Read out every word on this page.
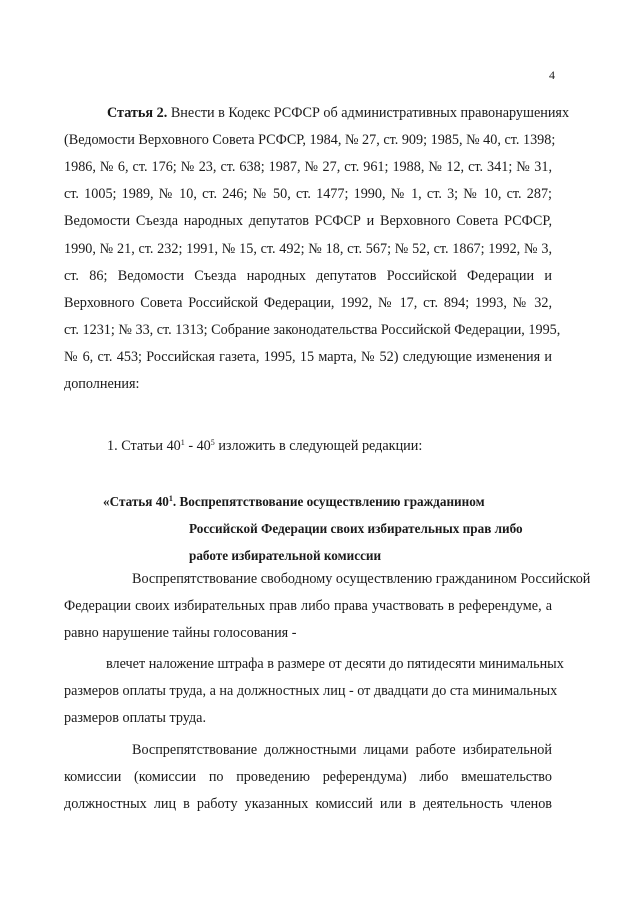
4
Статья 2. Внести в Кодекс РСФСР об административных правонарушениях
(Ведомости Верховного Совета РСФСР, 1984, № 27, ст. 909; 1985, № 40, ст. 1398;
1986, № 6, ст. 176; № 23, ст. 638; 1987, № 27, ст. 961; 1988, № 12, ст. 341; № 31,
ст. 1005; 1989, № 10, ст. 246; № 50, ст. 1477; 1990, № 1, ст. 3; № 10, ст. 287;
Ведомости Съезда народных депутатов РСФСР и Верховного Совета РСФСР,
1990, № 21, ст. 232; 1991, № 15, ст. 492; № 18, ст. 567; № 52, ст. 1867; 1992, № 3,
ст. 86; Ведомости Съезда народных депутатов Российской Федерации и
Верховного Совета Российской Федерации, 1992, № 17, ст. 894; 1993, № 32,
ст. 1231; № 33, ст. 1313; Собрание законодательства Российской Федерации, 1995,
№ 6, ст. 453; Российская газета, 1995, 15 марта, № 52) следующие изменения и
дополнения:
1. Статьи $40^1 - 40^5$ изложить в следующей редакции:
«Статья $40^1$. Воспрепятствование осуществлению гражданином
Российской Федерации своих избирательных прав либо
работе избирательной комиссии
Воспрепятствование свободному осуществлению гражданином Российской
Федерации своих избирательных прав либо права участвовать в референдуме, а
равно нарушение тайны голосования -
влечет наложение штрафа в размере от десяти до пятидесяти минимальных
размеров оплаты труда, а на должностных лиц - от двадцати до ста минимальных
размеров оплаты труда.
Воспрепятствование должностными лицами работе избирательной
комиссии (комиссии по проведению референдума) либо вмешательство
должностных лиц в работу указанных комиссий или в деятельность членов
